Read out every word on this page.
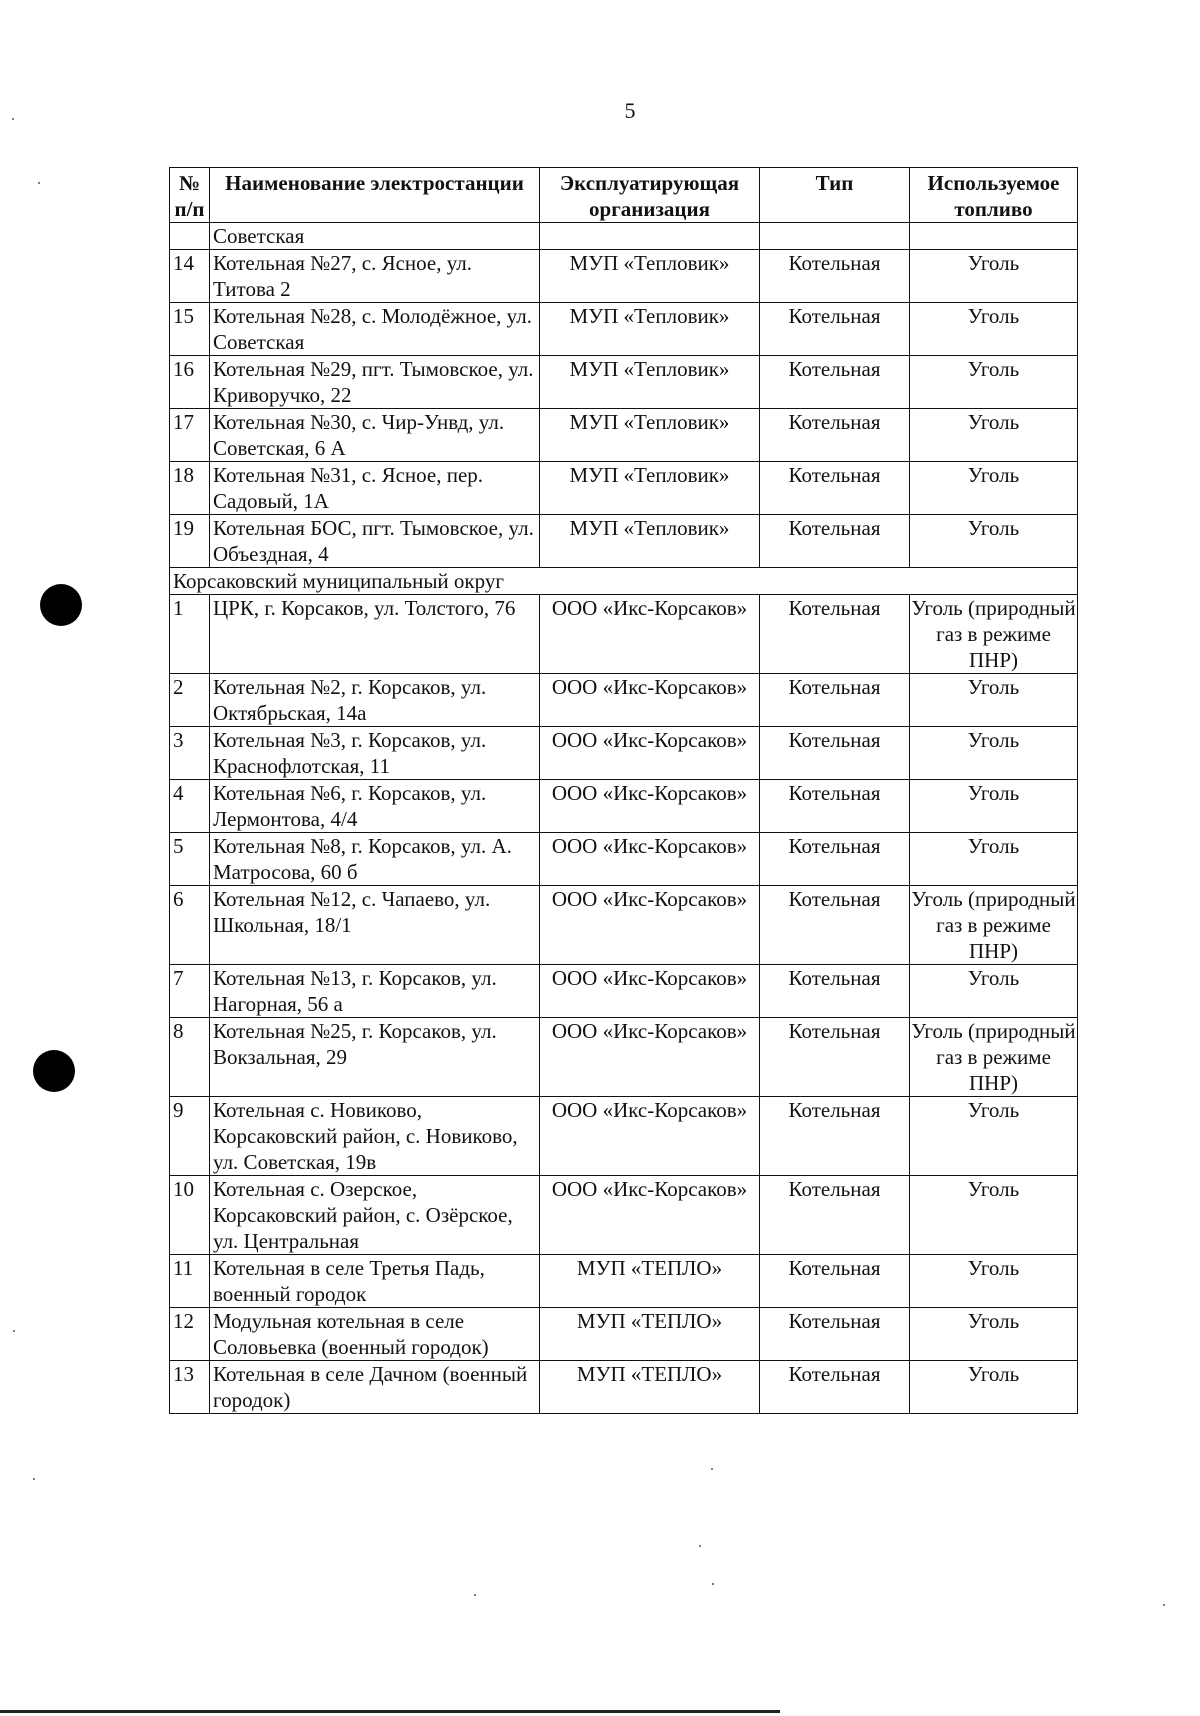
5
№ п/п	Наименование электростанции	Эксплуатирующая организация	Тип	Используемое топливо
	Советская			
14	Котельная №27, с. Ясное, ул. Титова 2	МУП «Тепловик»	Котельная	Уголь
15	Котельная №28, с. Молодёжное, ул. Советская	МУП «Тепловик»	Котельная	Уголь
16	Котельная №29, пгт. Тымовское, ул. Криворучко, 22	МУП «Тепловик»	Котельная	Уголь
17	Котельная №30, с. Чир-Унвд, ул. Советская, 6 А	МУП «Тепловик»	Котельная	Уголь
18	Котельная №31, с. Ясное, пер. Садовый, 1А	МУП «Тепловик»	Котельная	Уголь
19	Котельная БОС, пгт. Тымовское, ул. Объездная, 4	МУП «Тепловик»	Котельная	Уголь
Корсаковский муниципальный округ				
1	ЦРК, г. Корсаков, ул. Толстого, 76	ООО «Икс-Корсаков»	Котельная	Уголь (природный газ в режиме ПНР)
2	Котельная №2, г. Корсаков, ул. Октябрьская, 14а	ООО «Икс-Корсаков»	Котельная	Уголь
3	Котельная №3, г. Корсаков, ул. Краснофлотская, 11	ООО «Икс-Корсаков»	Котельная	Уголь
4	Котельная №6, г. Корсаков, ул. Лермонтова, 4/4	ООО «Икс-Корсаков»	Котельная	Уголь
5	Котельная №8, г. Корсаков, ул. А. Матросова, 60 б	ООО «Икс-Корсаков»	Котельная	Уголь
6	Котельная №12, с. Чапаево, ул. Школьная, 18/1	ООО «Икс-Корсаков»	Котельная	Уголь (природный газ в режиме ПНР)
7	Котельная №13, г. Корсаков, ул. Нагорная, 56 а	ООО «Икс-Корсаков»	Котельная	Уголь
8	Котельная №25, г. Корсаков, ул. Вокзальная, 29	ООО «Икс-Корсаков»	Котельная	Уголь (природный газ в режиме ПНР)
9	Котельная с. Новиково, Корсаковский район, с. Новиково, ул. Советская, 19в	ООО «Икс-Корсаков»	Котельная	Уголь
10	Котельная с. Озерское, Корсаковский район, с. Озёрское, ул. Центральная	ООО «Икс-Корсаков»	Котельная	Уголь
11	Котельная в селе Третья Падь, военный городок	МУП «ТЕПЛО»	Котельная	Уголь
12	Модульная котельная в селе Соловьевка (военный городок)	МУП «ТЕПЛО»	Котельная	Уголь
13	Котельная в селе Дачном (военный городок)	МУП «ТЕПЛО»	Котельная	Уголь
